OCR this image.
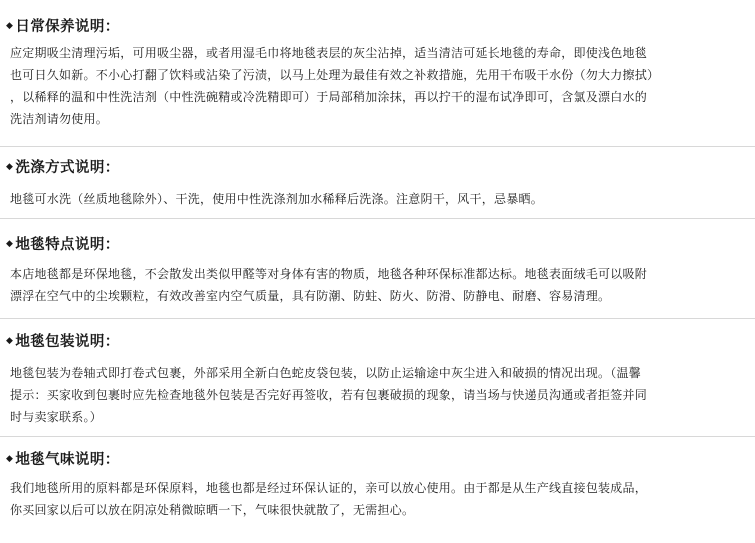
◆ 日常保养说明：
应定期吸尘清理污垢，可用吸尘器，或者用湿毛巾将地毯表层的灰尘沾掉，适当清洁可延长地毯的寿命，即使浅色地毯
也可日久如新。不小心打翻了饮料或沾染了污渍，以马上处理为最佳有效之补救措施，先用干布吸干水份（勿大力擦拭）
，以稀释的温和中性洗洁剂（中性洗碗精或冷洗精即可）于局部稍加涂抹，再以拧干的湿布试净即可，含氯及漂白水的
洗洁剂请勿使用。
◆ 洗涤方式说明：
地毯可水洗（丝质地毯除外）、干洗，使用中性洗涤剂加水稀释后洗涤。注意阴干，风干，忌暴晒。
◆ 地毯特点说明：
本店地毯都是环保地毯，不会散发出类似甲醛等对身体有害的物质，地毯各种环保标准都达标。地毯表面绒毛可以吸附
漂浮在空气中的尘埃颗粒，有效改善室内空气质量，具有防潮、防蛀、防火、防滑、防静电、耐磨、容易清理。
◆ 地毯包装说明：
地毯包装为卷轴式即打卷式包裹，外部采用全新白色蛇皮袋包装，以防止运输途中灰尘进入和破损的情况出现。（温馨
提示：买家收到包裹时应先检查地毯外包装是否完好再签收，若有包裹破损的现象，请当场与快递员沟通或者拒签并同
时与卖家联系。）
◆ 地毯气味说明：
我们地毯所用的原料都是环保原料，地毯也都是经过环保认证的，亲可以放心使用。由于都是从生产线直接包装成品，
你买回家以后可以放在阴凉处稍微晾晒一下，气味很快就散了，无需担心。
